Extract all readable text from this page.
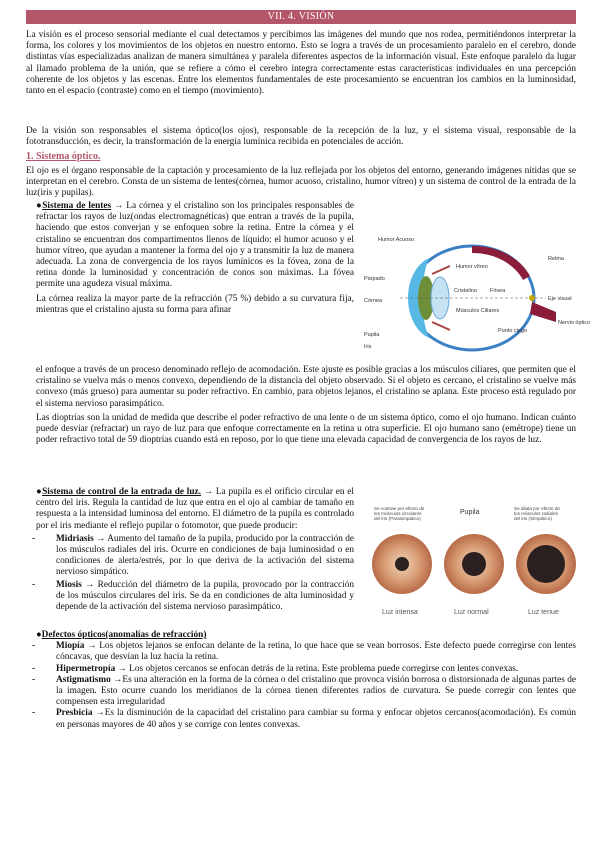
VII. 4. VISIÓN

La visión es el proceso sensorial mediante el cual detectamos y percibimos las imágenes del mundo que nos rodea, permitiéndonos interpretar la forma, los colores y los movimientos de los objetos en nuestro entorno. Esto se logra a través de un procesamiento paralelo en el cerebro, donde distintas vías especializadas analizan de manera simultánea y paralela diferentes aspectos de la información visual. Este enfoque paralelo da lugar al llamado problema de la unión, que se refiere a cómo el cerebro integra correctamente estas características individuales en una percepción coherente de los objetos y las escenas. Entre los elementos fundamentales de este procesamiento se encuentran los cambios en la luminosidad, tanto en el espacio (contraste) como en el tiempo (movimiento).

De la visión son responsables el sistema óptico(los ojos), responsable de la recepción de la luz, y el sistema visual, responsable de la fototransducción, es decir, la transformación de la energía lumínica recibida en potenciales de acción.

1. Sistema óptico.

El ojo es el órgano responsable de la captación y procesamiento de la luz reflejada por los objetos del entorno, generando imágenes nítidas que se interpretan en el cerebro. Consta de un sistema de lentes(córnea, humor acuoso, cristalino, humor vítreo) y un sistema de control de la entrada de la luz(iris y pupilas).

●Sistema de lentes → La córnea y el cristalino son los principales responsables de refractar los rayos de luz(ondas electromagnéticas) que entran a través de la pupila, haciendo que estos converjan y se enfoquen sobre la retina. Entre la córnea y el cristalino se encuentran dos compartimentos llenos de líquido: el humor acuoso y el humor vítreo, que ayudan a mantener la forma del ojo y a transmitir la luz de manera adecuada. La zona de convergencia de los rayos lumínicos es la fóvea, zona de la retina donde la luminosidad y concentración de conos son máximas. La fóvea permite una agudeza visual máxima.

La córnea realiza la mayor parte de la refracción (75 %) debido a su curvatura fija, mientras que el cristalino ajusta su forma para afinar

Humor Acuoso
Párpado
Córnea
Pupila
Iris
Humor vítreo
Cristalino Fóvea
Músculos Ciliares
Punto ciego
Retina
Eje visual
Nervio óptico

el enfoque a través de un proceso denominado reflejo de acomodación. Este ajuste es posible gracias a los músculos ciliares, que permiten que el cristalino se vuelva más o menos convexo, dependiendo de la distancia del objeto observado. Si el objeto es cercano, el cristalino se vuelve más convexo (más grueso) para aumentar su poder refractivo. En cambio, para objetos lejanos, el cristalino se aplana. Este proceso está regulado por el sistema nervioso parasimpático.

Las dioptrías son la unidad de medida que describe el poder refractivo de una lente o de un sistema óptico, como el ojo humano. Indican cuánto puede desviar (refractar) un rayo de luz para que enfoque correctamente en la retina u otra superficie. El ojo humano sano (emétrope) tiene un poder refractivo total de 59 dioptrías cuando está en reposo, por lo que tiene una elevada capacidad de convergencia de los rayos de luz.

●Sistema de control de la entrada de luz. → La pupila es el orificio circular en el centro del iris. Regula la cantidad de luz que entra en el ojo al cambiar de tamaño en respuesta a la intensidad luminosa del entorno. El diámetro de la pupila es controlado por el iris mediante el reflejo pupilar o fotomotor, que puede producir:

- Midriasis → Aumento del tamaño de la pupila, producido por la contracción de los músculos radiales del iris. Ocurre en condiciones de baja luminosidad o en condiciones de alerta/estrés, por lo que deriva de la activación del sistema nervioso simpático.

- Miosis → Reducción del diámetro de la pupila, provocado por la contracción de los músculos circulares del iris. Se da en condiciones de alta luminosidad y depende de la activación del sistema nervioso parasimpático.

Se contrae por efecto de los músculos circulares del iris (Parasimpático)
Pupila
Se dilata por efecto de los músculos radiales del iris (Simpático)
Luz intensa	Luz normal	Luz tenue

●Defectos ópticos(anomalías de refracción)

- Miopía → Los objetos lejanos se enfocan delante de la retina, lo que hace que se vean borrosos. Este defecto puede corregirse con lentes cóncavas, que desvían la luz hacia la retina.

- Hipermetropía → Los objetos cercanos se enfocan detrás de la retina. Este problema puede corregirse con lentes convexas.

- Astigmatismo →Es una alteración en la forma de la córnea o del cristalino que provoca visión borrosa o distorsionada de algunas partes de la imagen. Esto ocurre cuando los meridianos de la córnea tienen diferentes radios de curvatura. Se puede corregir con lentes que compensen esta irregularidad

- Presbicia →Es la disminución de la capacidad del cristalino para cambiar su forma y enfocar objetos cercanos(acomodación). Es común en personas mayores de 40 años y se corrige con lentes convexas.
